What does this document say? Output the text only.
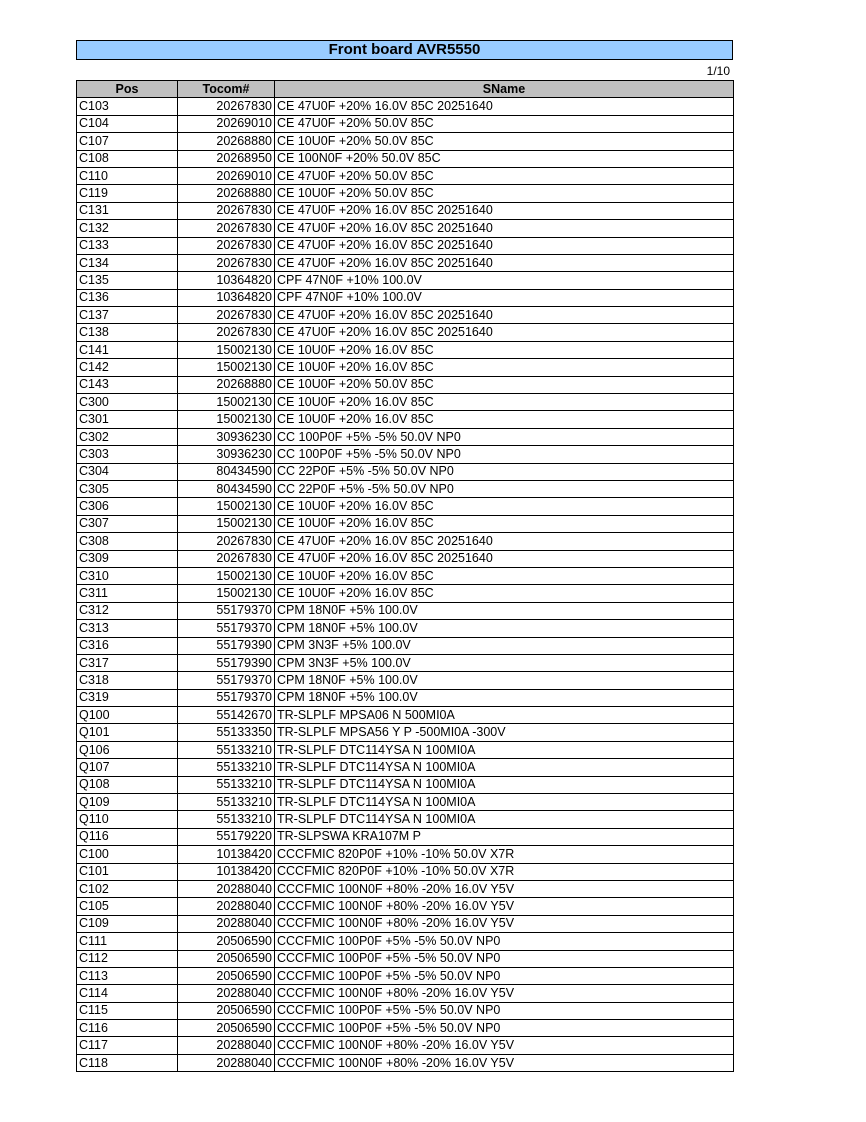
Front board AVR5550
1/10
Pos	Tocom#	SName
C103	20267830	CE 47U0F +20% 16.0V 85C 20251640
C104	20269010	CE 47U0F +20% 50.0V 85C
C107	20268880	CE 10U0F +20% 50.0V 85C
C108	20268950	CE 100N0F +20% 50.0V 85C
C110	20269010	CE 47U0F +20% 50.0V 85C
C119	20268880	CE 10U0F +20% 50.0V 85C
C131	20267830	CE 47U0F +20% 16.0V 85C 20251640
C132	20267830	CE 47U0F +20% 16.0V 85C 20251640
C133	20267830	CE 47U0F +20% 16.0V 85C 20251640
C134	20267830	CE 47U0F +20% 16.0V 85C 20251640
C135	10364820	CPF 47N0F +10% 100.0V
C136	10364820	CPF 47N0F +10% 100.0V
C137	20267830	CE 47U0F +20% 16.0V 85C 20251640
C138	20267830	CE 47U0F +20% 16.0V 85C 20251640
C141	15002130	CE 10U0F +20% 16.0V 85C
C142	15002130	CE 10U0F +20% 16.0V 85C
C143	20268880	CE 10U0F +20% 50.0V 85C
C300	15002130	CE 10U0F +20% 16.0V 85C
C301	15002130	CE 10U0F +20% 16.0V 85C
C302	30936230	CC 100P0F +5% -5% 50.0V NP0
C303	30936230	CC 100P0F +5% -5% 50.0V NP0
C304	80434590	CC 22P0F +5% -5% 50.0V NP0
C305	80434590	CC 22P0F +5% -5% 50.0V NP0
C306	15002130	CE 10U0F +20% 16.0V 85C
C307	15002130	CE 10U0F +20% 16.0V 85C
C308	20267830	CE 47U0F +20% 16.0V 85C 20251640
C309	20267830	CE 47U0F +20% 16.0V 85C 20251640
C310	15002130	CE 10U0F +20% 16.0V 85C
C311	15002130	CE 10U0F +20% 16.0V 85C
C312	55179370	CPM 18N0F +5% 100.0V
C313	55179370	CPM 18N0F +5% 100.0V
C316	55179390	CPM 3N3F +5% 100.0V
C317	55179390	CPM 3N3F +5% 100.0V
C318	55179370	CPM 18N0F +5% 100.0V
C319	55179370	CPM 18N0F +5% 100.0V
Q100	55142670	TR-SLPLF MPSA06 N 500MI0A
Q101	55133350	TR-SLPLF MPSA56 Y P -500MI0A -300V
Q106	55133210	TR-SLPLF DTC114YSA N 100MI0A
Q107	55133210	TR-SLPLF DTC114YSA N 100MI0A
Q108	55133210	TR-SLPLF DTC114YSA N 100MI0A
Q109	55133210	TR-SLPLF DTC114YSA N 100MI0A
Q110	55133210	TR-SLPLF DTC114YSA N 100MI0A
Q116	55179220	TR-SLPSWA KRA107M P
C100	10138420	CCCFMIC 820P0F +10% -10% 50.0V X7R
C101	10138420	CCCFMIC 820P0F +10% -10% 50.0V X7R
C102	20288040	CCCFMIC 100N0F +80% -20% 16.0V Y5V
C105	20288040	CCCFMIC 100N0F +80% -20% 16.0V Y5V
C109	20288040	CCCFMIC 100N0F +80% -20% 16.0V Y5V
C111	20506590	CCCFMIC 100P0F +5% -5% 50.0V NP0
C112	20506590	CCCFMIC 100P0F +5% -5% 50.0V NP0
C113	20506590	CCCFMIC 100P0F +5% -5% 50.0V NP0
C114	20288040	CCCFMIC 100N0F +80% -20% 16.0V Y5V
C115	20506590	CCCFMIC 100P0F +5% -5% 50.0V NP0
C116	20506590	CCCFMIC 100P0F +5% -5% 50.0V NP0
C117	20288040	CCCFMIC 100N0F +80% -20% 16.0V Y5V
C118	20288040	CCCFMIC 100N0F +80% -20% 16.0V Y5V
